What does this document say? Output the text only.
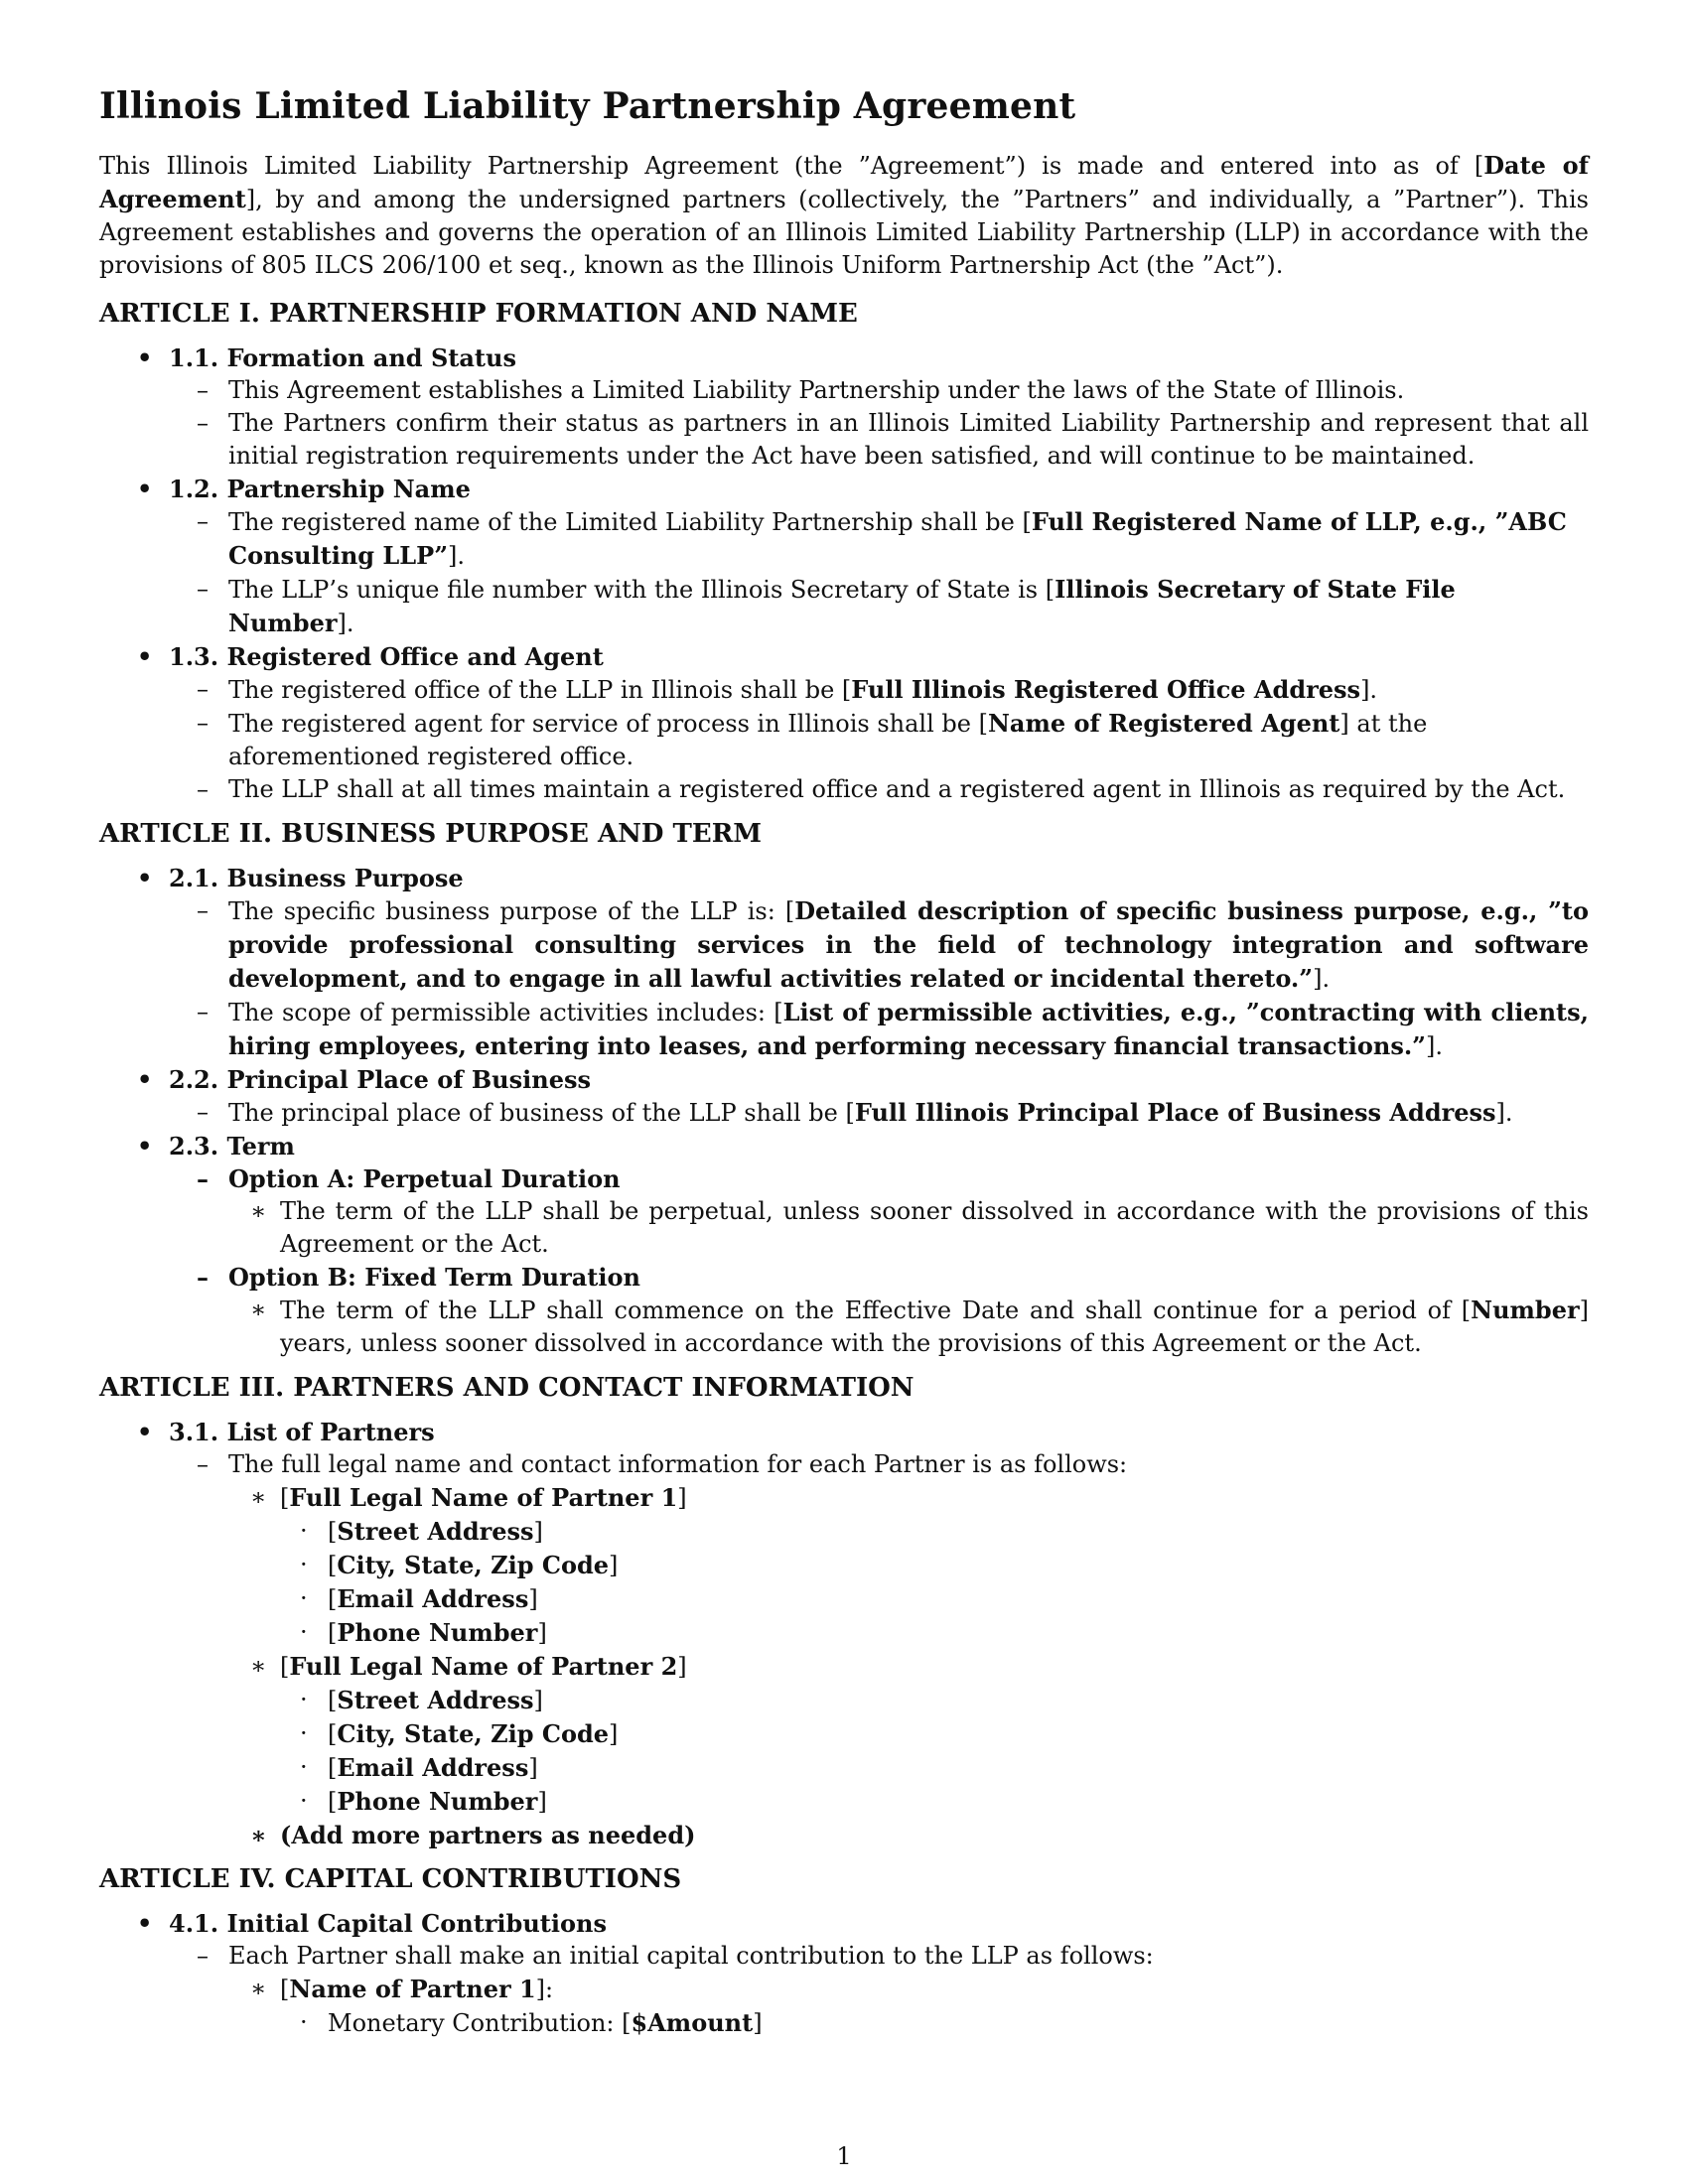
Illinois Limited Liability Partnership Agreement

This Illinois Limited Liability Partnership Agreement (the ”Agreement”) is made and entered into as of [Date of Agreement], by and among the undersigned partners (collectively, the ”Partners” and individually, a ”Partner”). This Agreement establishes and governs the operation of an Illinois Limited Liability Partnership (LLP) in accordance with the provisions of 805 ILCS 206/100 et seq., known as the Illinois Uniform Partnership Act (the ”Act”).

ARTICLE I. PARTNERSHIP FORMATION AND NAME
• 1.1. Formation and Status
– This Agreement establishes a Limited Liability Partnership under the laws of the State of Illinois.
– The Partners confirm their status as partners in an Illinois Limited Liability Partnership and represent that all initial registration requirements under the Act have been satisfied, and will continue to be maintained.
• 1.2. Partnership Name
– The registered name of the Limited Liability Partnership shall be [Full Registered Name of LLP, e.g., ”ABC Consulting LLP”].
– The LLP’s unique file number with the Illinois Secretary of State is [Illinois Secretary of State File Number].
• 1.3. Registered Office and Agent
– The registered office of the LLP in Illinois shall be [Full Illinois Registered Office Address].
– The registered agent for service of process in Illinois shall be [Name of Registered Agent] at the aforementioned registered office.
– The LLP shall at all times maintain a registered office and a registered agent in Illinois as required by the Act.
ARTICLE II. BUSINESS PURPOSE AND TERM
• 2.1. Business Purpose
– The specific business purpose of the LLP is: [Detailed description of specific business purpose, e.g., ”to provide professional consulting services in the field of technology integration and software development, and to engage in all lawful activities related or incidental thereto.”].
– The scope of permissible activities includes: [List of permissible activities, e.g., ”contracting with clients, hiring employees, entering into leases, and performing necessary financial transactions.”].
• 2.2. Principal Place of Business
– The principal place of business of the LLP shall be [Full Illinois Principal Place of Business Address].
• 2.3. Term
– Option A: Perpetual Duration
∗ The term of the LLP shall be perpetual, unless sooner dissolved in accordance with the provisions of this Agreement or the Act.
– Option B: Fixed Term Duration
∗ The term of the LLP shall commence on the Effective Date and shall continue for a period of [Number] years, unless sooner dissolved in accordance with the provisions of this Agreement or the Act.
ARTICLE III. PARTNERS AND CONTACT INFORMATION
• 3.1. List of Partners
– The full legal name and contact information for each Partner is as follows:
∗ [Full Legal Name of Partner 1]
· [Street Address]
· [City, State, Zip Code]
· [Email Address]
· [Phone Number]
∗ [Full Legal Name of Partner 2]
· [Street Address]
· [City, State, Zip Code]
· [Email Address]
· [Phone Number]
∗ (Add more partners as needed)
ARTICLE IV. CAPITAL CONTRIBUTIONS
• 4.1. Initial Capital Contributions
– Each Partner shall make an initial capital contribution to the LLP as follows:
∗ [Name of Partner 1]:
· Monetary Contribution: [$Amount]
1
